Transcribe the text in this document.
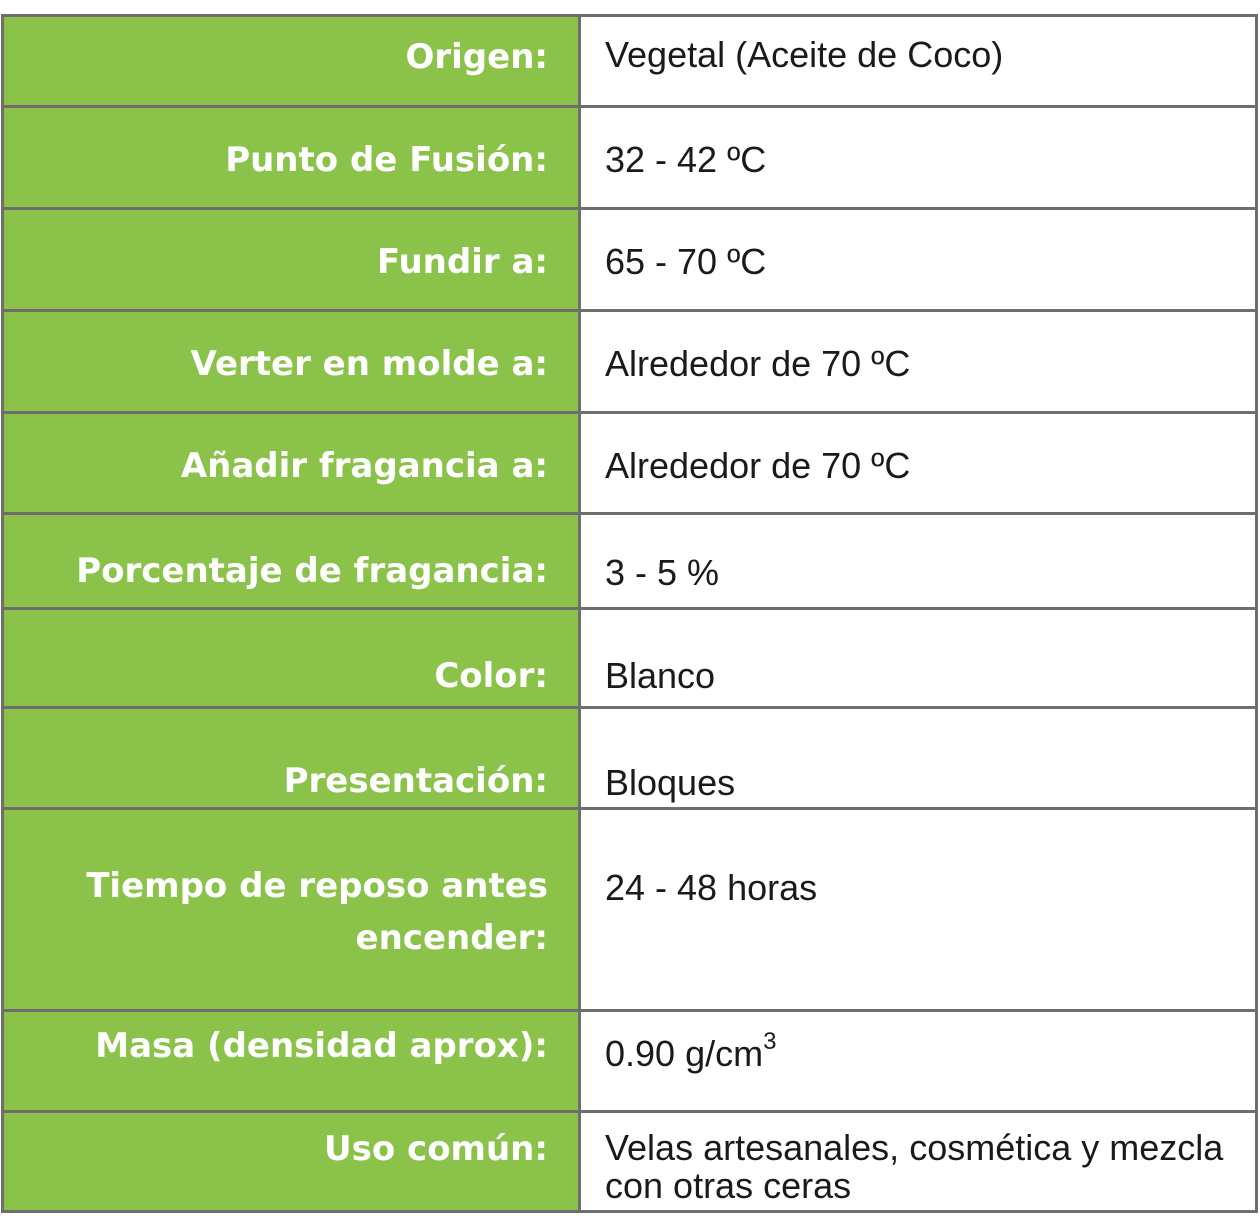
Origen:	Vegetal (Aceite de Coco)
Punto de Fusión:	32 - 42 ºC
Fundir a:	65 - 70 ºC
Verter en molde a:	Alrededor de 70 ºC
Añadir fragancia a:	Alrededor de 70 ºC
Porcentaje de fragancia:	3 - 5 %
Color:	Blanco
Presentación:	Bloques
Tiempo de reposo antes encender:	24 - 48 horas
Masa (densidad aprox):	0.90 $g/cm^3$
Uso común:	Velas artesanales, cosmética y mezcla con otras ceras
